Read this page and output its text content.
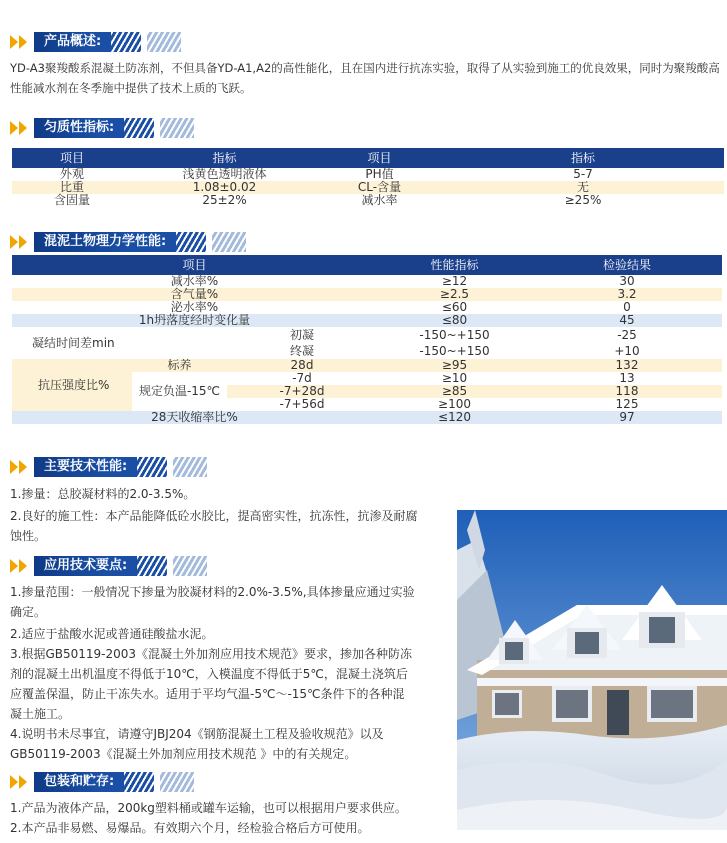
产品概述:
YD-A3聚羧酸系混凝土防冻剂，不但具备YD-A1,A2的高性能化，且在国内进行抗冻实验，取得了从实验到施工的优良效果，同时为聚羧酸高性能减水剂在冬季施中提供了技术上质的飞跃。
匀质性指标:
项目	指标	项目	指标
外观	浅黄色透明液体	PH值	5-7
比重	1.08±0.02	CL-含量	无
含固量	25±2%	减水率	≥25%
混泥土物理力学性能:
项目			性能指标	检验结果
减水率%			≥12	30
含气量%			≥2.5	3.2
泌水率%			≤60	0
1h坍落度经时变化量			≤80	45
凝结时间差min		初凝	-150~+150	-25
		终凝	-150~+150	+10
抗压强度比%	标养	28d	≥95	132
	规定负温-15℃	-7d	≥10	13
		-7+28d	≥85	118
		-7+56d	≥100	125
28天收缩率比%			≤120	97
主要技术性能:
1.掺量：总胶凝材料的2.0-3.5%。
2.良好的施工性：本产品能降低砼水胶比，提高密实性，抗冻性，抗渗及耐腐
蚀性。
应用技术要点:
1.掺量范围：一般情况下掺量为胶凝材料的2.0%-3.5%,具体掺量应通过实验
确定。
2.适应于盐酸水泥或普通硅酸盐水泥。
3.根据GB50119-2003《混凝土外加剂应用技术规范》要求，掺加各种防冻
剂的混凝土出机温度不得低于10℃，入模温度不得低于5℃，混凝土浇筑后
应覆盖保温，防止干冻失水。适用于平均气温-5℃～-15℃条件下的各种混
凝土施工。
4.说明书未尽事宜，请遵守JBJ204《钢筋混凝土工程及验收规范》以及
GB50119-2003《混凝土外加剂应用技术规范 》中的有关规定。
包装和贮存:
1.产品为液体产品，200kg塑料桶或罐车运输，也可以根据用户要求供应。
2.本产品非易燃、易爆品。有效期六个月，经检验合格后方可使用。
